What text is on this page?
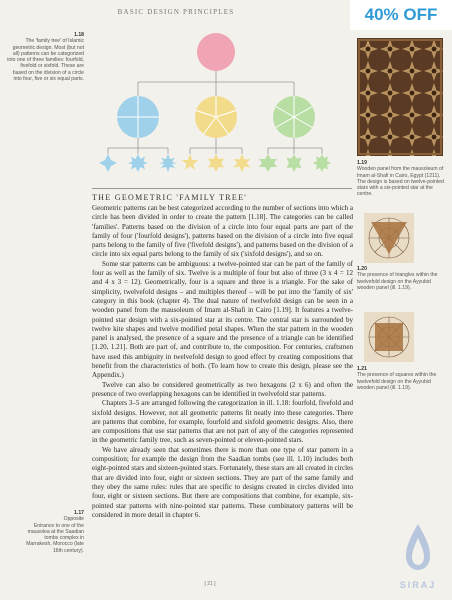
BASIC DESIGN PRINCIPLES	40% OFF
1.18
The 'family tree' of Islamic geometric design. Most (but not all) patterns can be categorized into one of three families: fourfold, fivefold or sixfold. These are based on the division of a circle into four, five or six equal parts.
1.19
Wooden panel from the mausoleum of Imam al-Shafi in Cairo, Egypt (1211). The design is based on twelve-pointed stars with a six-pointed star at the centre.
1.20
The presence of triangles within the twelvefold design on the Ayyubid wooden panel (ill. 1.19).
1.21
The presence of squares within the twelvefold design on the Ayyubid wooden panel (ill. 1.19).
1.17
Opposite
Entrance to one of the mausolea at the Saadian tombs complex in Marrakesh, Morocco (late 16th century).
THE GEOMETRIC 'FAMILY TREE'

Geometric patterns can be best categorized according to the number of sections into which a circle has been divided in order to create the pattern [1.18]. The categories can be called 'families'. Patterns based on the division of a circle into four equal parts are part of the family of four ('fourfold designs'), patterns based on the division of a circle into five equal parts belong to the family of five ('fivefold designs'), and patterns based on the division of a circle into six equal parts belong to the family of six ('sixfold designs'), and so on.

Some star patterns can be ambiguous: a twelve-pointed star can be part of the family of four as well as the family of six. Twelve is a multiple of four but also of three (3 x 4 = 12 and 4 x 3 = 12). Geometrically, four is a square and three is a triangle. For the sake of simplicity, twelvefold designs – and multiples thereof – will be put into the 'family of six' category in this book (chapter 4). The dual nature of twelvefold design can be seen in a wooden panel from the mausoleum of Imam al-Shafi in Cairo [1.19]. It features a twelve-pointed star design with a six-pointed star at its centre. The central star is surrounded by twelve kite shapes and twelve modified petal shapes. When the star pattern in the wooden panel is analysed, the presence of a square and the presence of a triangle can be identified [1.20, 1.21]. Both are part of, and contribute to, the composition. For centuries, craftsmen have used this ambiguity in twelvefold design to good effect by creating compositions that benefit from the characteristics of both. (To learn how to create this design, please see the Appendix.)

Twelve can also be considered geometrically as two hexagons (2 x 6) and often the presence of two overlapping hexagons can be identified in twelvefold star patterns.

Chapters 3–5 are arranged following the categorization in ill. 1.18: fourfold, fivefold and sixfold designs. However, not all geometric patterns fit neatly into these categories. There are patterns that combine, for example, fourfold and sixfold geometric designs. Also, there are compositions that use star patterns that are not part of any of the categories represented in the geometric family tree, such as seven-pointed or eleven-pointed stars.

We have already seen that sometimes there is more than one type of star pattern in a composition; for example the design from the Saadian tombs (see ill. 1.10) includes both eight-pointed stars and sixteen-pointed stars. Fortunately, these stars are all created in circles that are divided into four, eight or sixteen sections. They are part of the same family and they obey the same rules: rules that are specific to designs created in circles divided into four, eight or sixteen sections. But there are compositions that combine, for example, six-pointed star patterns with nine-pointed star patterns. These combinatory patterns will be considered in more detail in chapter 6.

[ 21 ]	SIRAJ
